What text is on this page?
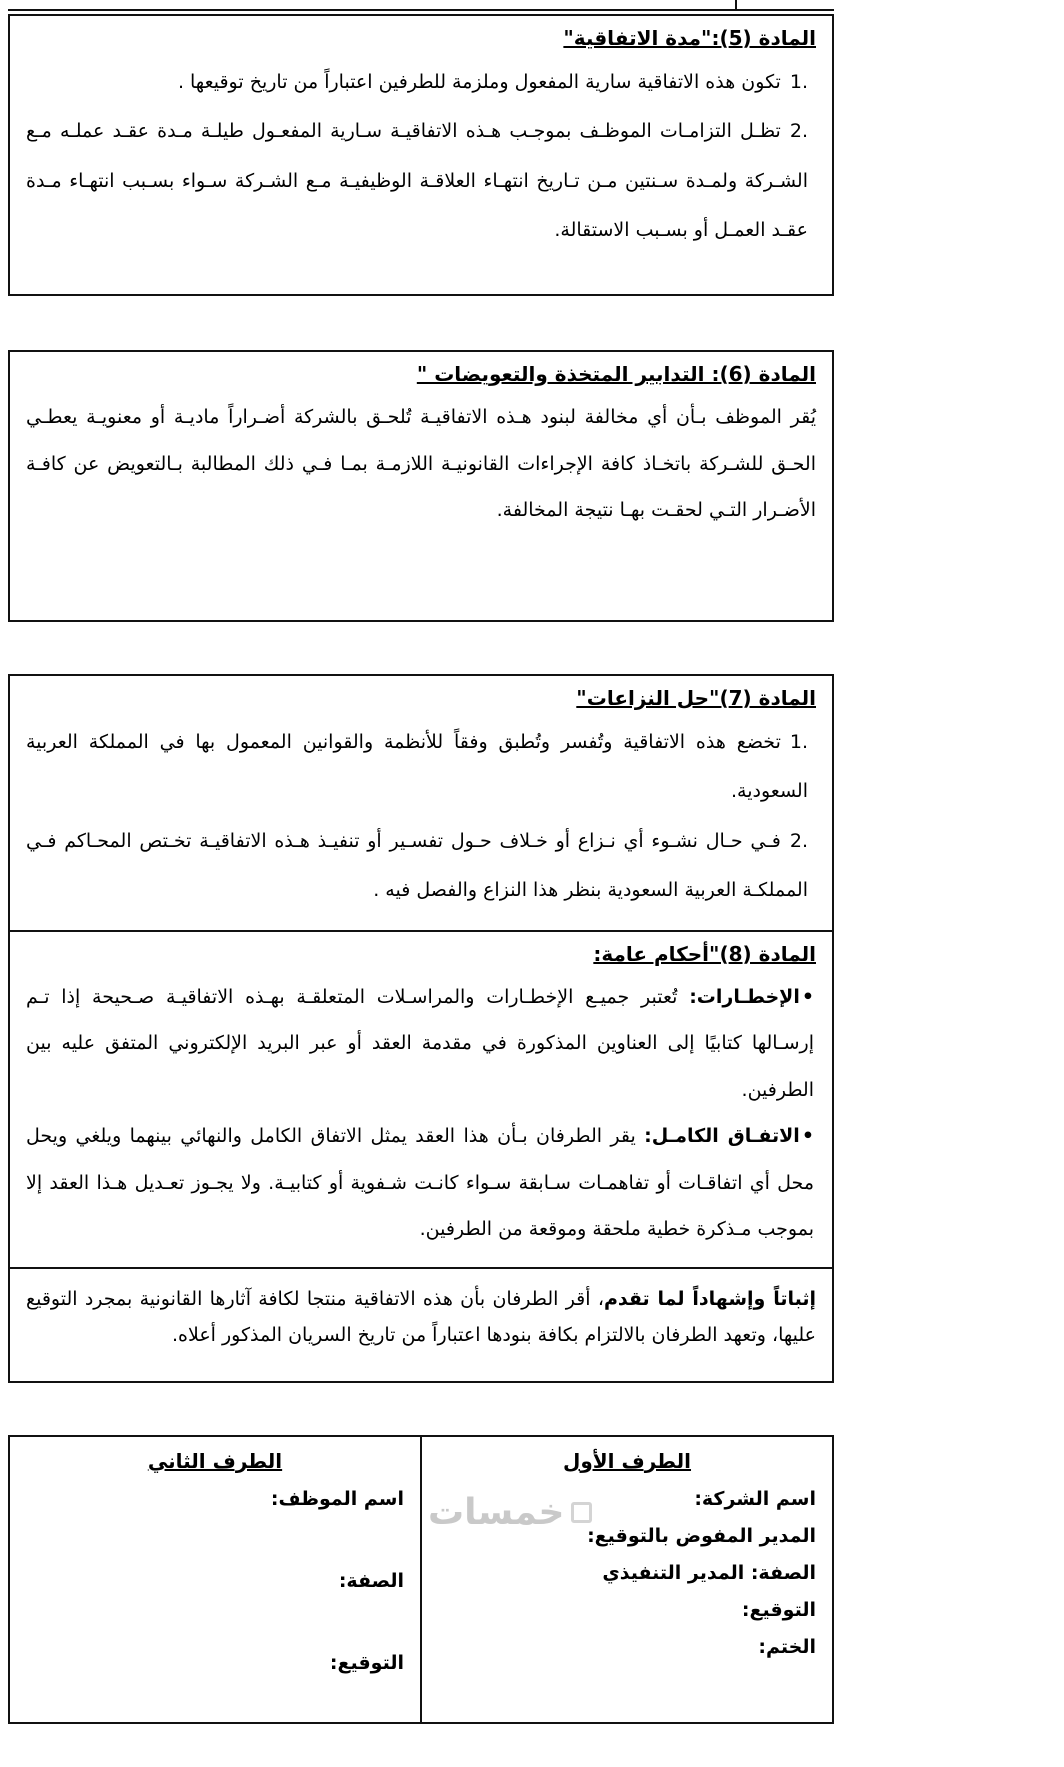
المادة (5):"مدة الاتفاقية"

1.تكون هذه الاتفاقية سارية المفعول وملزمة للطرفين اعتباراً من تاريخ توقيعها .

2.تظـل التزامـات الموظـف بموجـب هـذه الاتفاقيـة سـارية المفعـول طيلـة مـدة عقـد عملـه مـع الشـركة ولمـدة سـنتين مـن تـاريخ انتهـاء العلاقـة الوظيفيـة مـع الشـركة سـواء بسـبب انتهـاء مـدة عقـد العمـل أو بسـبب الاستقالة.

المادة (6): التدابير المتخذة والتعويضات "

يُقر الموظف بـأن أي مخالفة لبنود هـذه الاتفاقيـة تُلحـق بالشركة أضـراراً ماديـة أو معنويـة يعطـي الحـق للشـركة باتخـاذ كافة الإجراءات القانونيـة اللازمـة بمـا فـي ذلك المطالبة بـالتعويض عن كافـة الأضـرار التـي لحقـت بهـا نتيجة المخالفة.

المادة (7)"حل النزاعات"

1.تخضع هذه الاتفاقية وتُفسر وتُطبق وفقاً للأنظمة والقوانين المعمول بها في المملكة العربية السعودية.

2.فـي حـال نشـوء أي نـزاع أو خـلاف حـول تفسـير أو تنفيـذ هـذه الاتفاقيـة تخـتص المحـاكم فـي المملكـة العربية السعودية بنظر هذا النزاع والفصل فيه .

المادة (8)"أحكام عامة:

•الإخطـارات: تُعتبر جميـع الإخطـارات والمراسـلات المتعلقـة بهـذه الاتفاقيـة صـحيحة إذا تـم إرسـالها كتابيًا إلى العناوين المذكورة في مقدمة العقد أو عبر البريد الإلكتروني المتفق عليه بين الطرفين.

•الاتفـاق الكامـل: يقر الطرفان بـأن هذا العقد يمثل الاتفاق الكامل والنهائي بينهما ويلغي ويحل محل أي اتفاقـات أو تفاهمـات سـابقة سـواء كانـت شـفوية أو كتابيـة. ولا يجـوز تعـديل هـذا العقد إلا بموجب مـذكرة خطية ملحقة وموقعة من الطرفين.

إثباتاً وإشهاداً لما تقدم، أقر الطرفان بأن هذه الاتفاقية منتجا لكافة آثارها القانونية بمجرد التوقيع عليها، وتعهد الطرفان بالالتزام بكافة بنودها اعتباراً من تاريخ السريان المذكور أعلاه.

الطرف الأول
اسم الشركة:
المدير المفوض بالتوقيع:
الصفة: المدير التنفيذي
التوقيع:
الختم:
الطرف الثاني
اسم الموظف:
الصفة:
التوقيع:
خمسات
